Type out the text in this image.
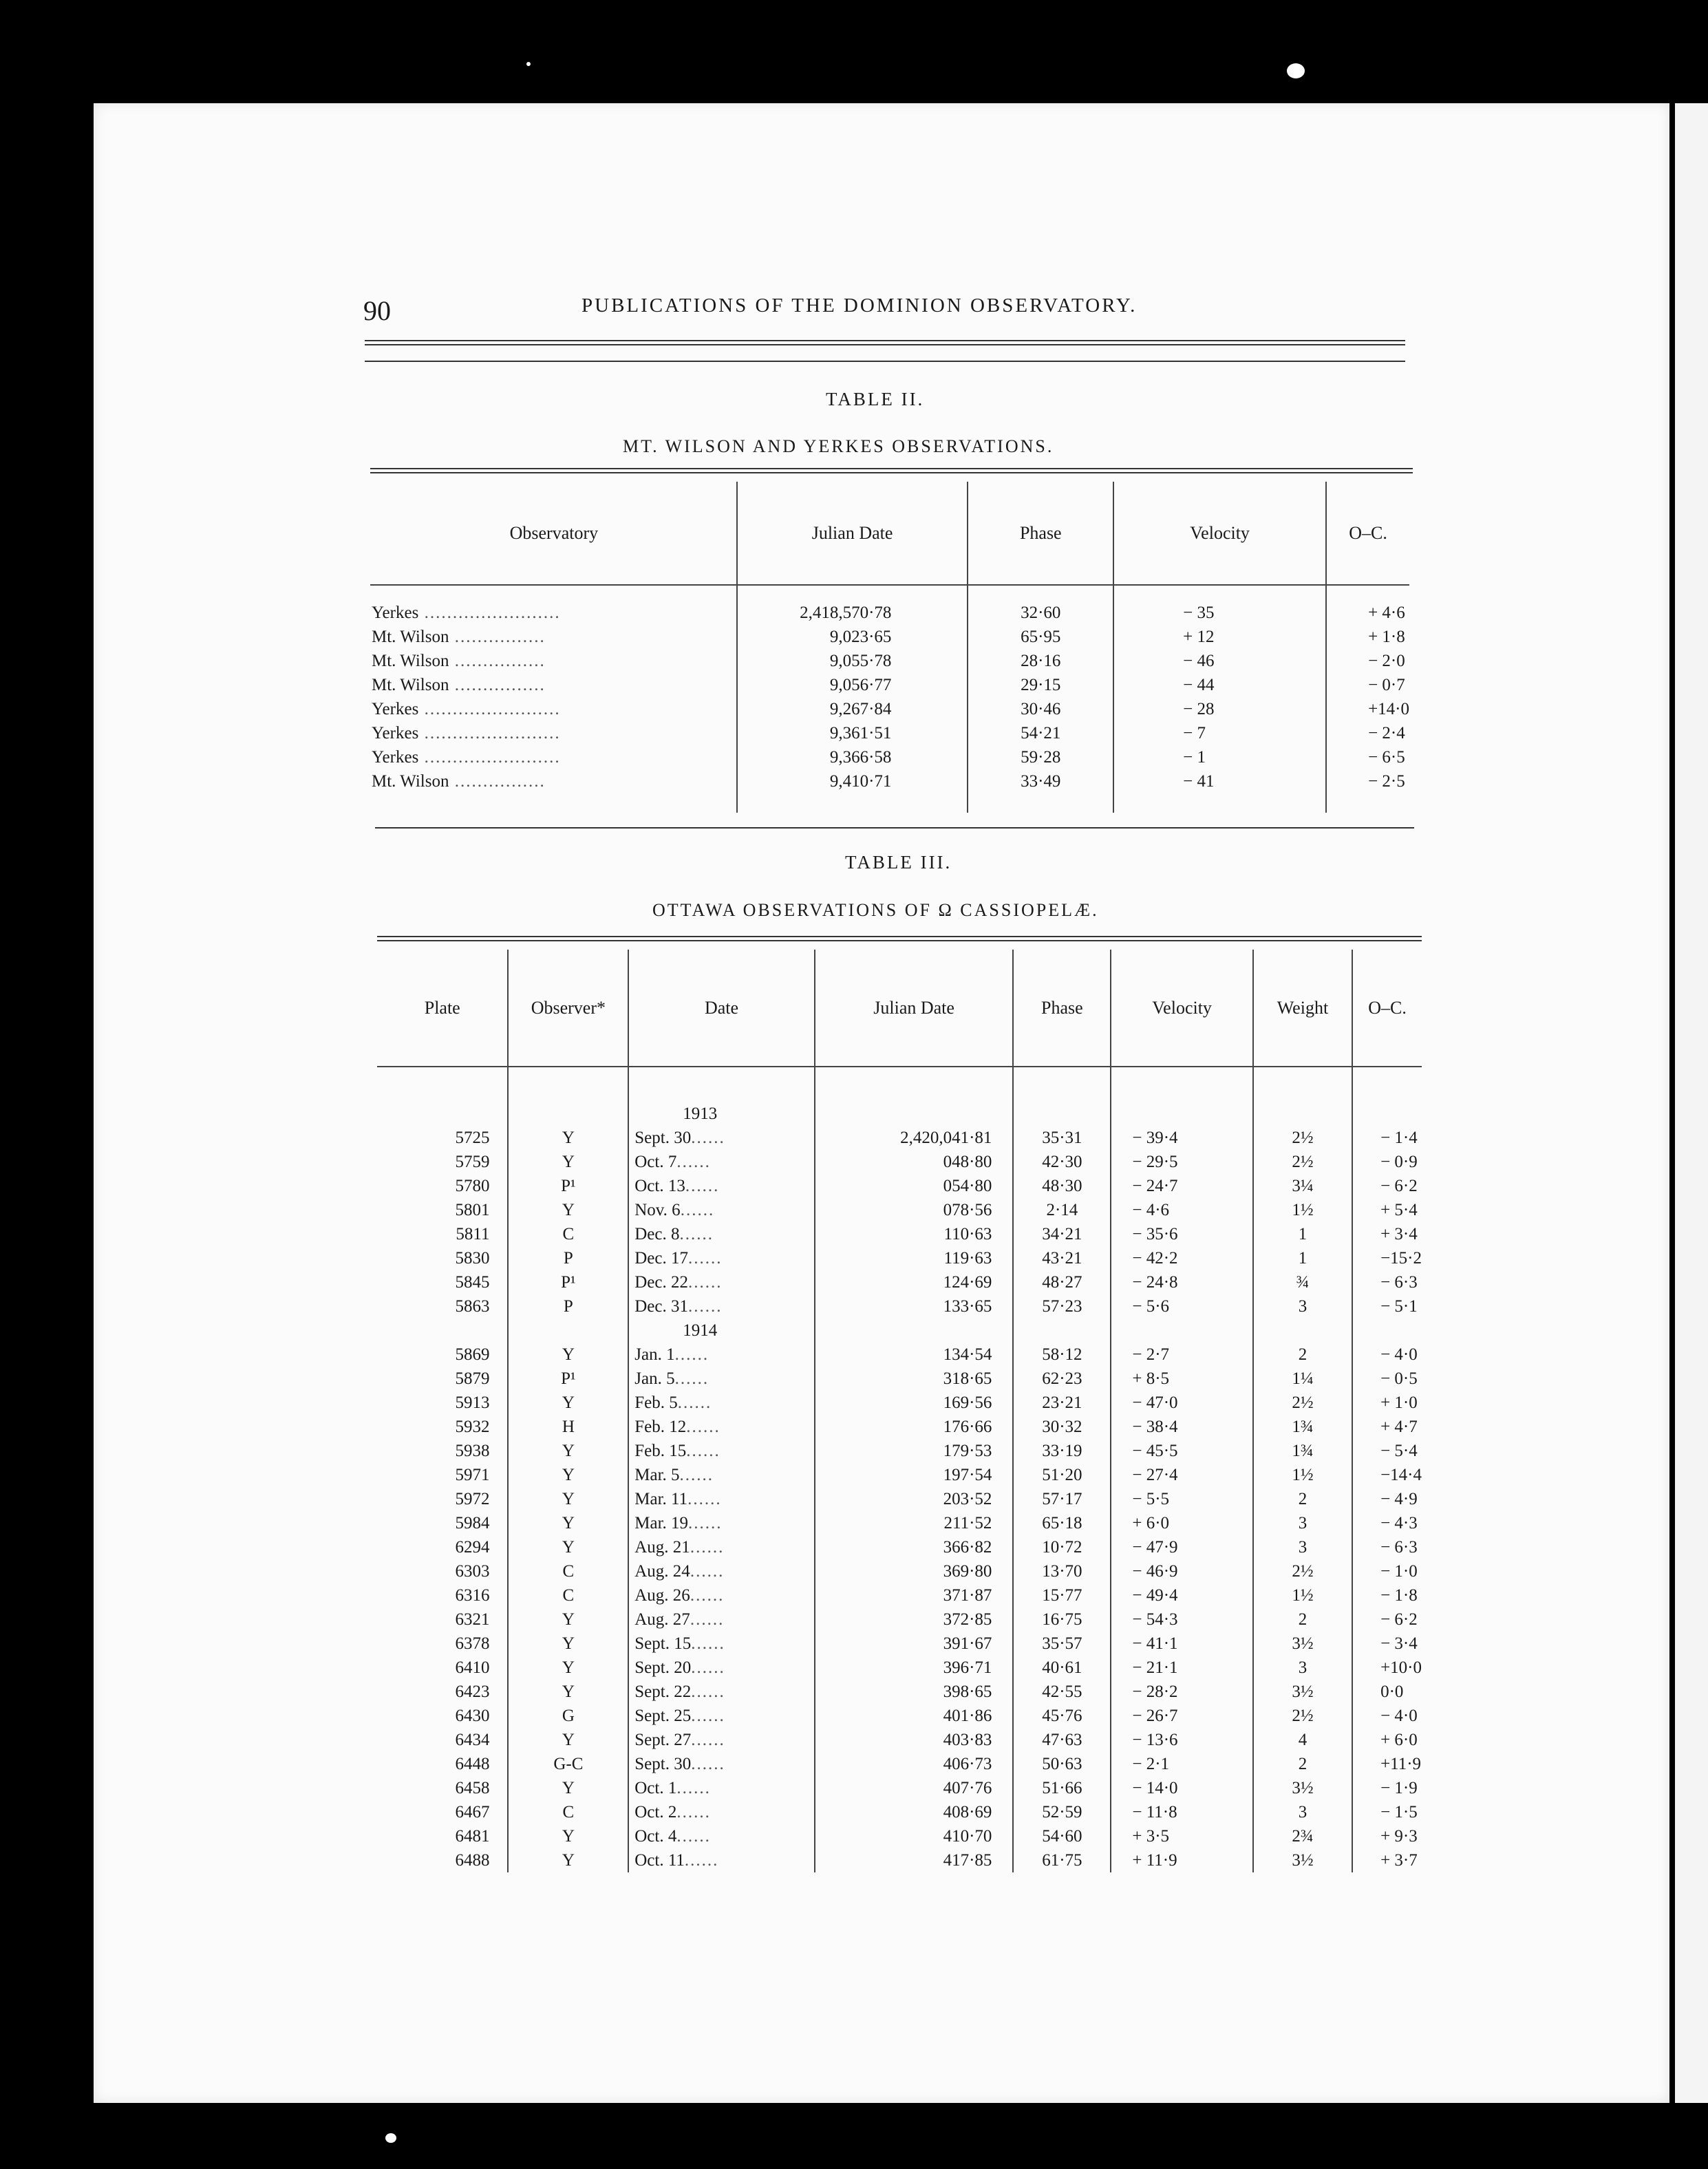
90	PUBLICATIONS OF THE DOMINION OBSERVATORY.
TABLE II.
MT. WILSON AND YERKES OBSERVATIONS.
Observatory	Julian Date	Phase	Velocity	O–C.
Yerkes ........................	2,418,570·78	32·60	− 35	+ 4·6
Mt. Wilson ................	9,023·65	65·95	+ 12	+ 1·8
Mt. Wilson ................	9,055·78	28·16	− 46	− 2·0
Mt. Wilson ................	9,056·77	29·15	− 44	− 0·7
Yerkes ........................	9,267·84	30·46	− 28	+14·0
Yerkes ........................	9,361·51	54·21	− 7	− 2·4
Yerkes ........................	9,366·58	59·28	− 1	− 6·5
Mt. Wilson ................	9,410·71	33·49	− 41	− 2·5
TABLE III.
OTTAWA OBSERVATIONS OF Ω CASSIOPELÆ.
Plate	Observer*	Date	Julian Date	Phase	Velocity	Weight	O–C.
		1913					
5725	Y	Sept. 30......	2,420,041·81	35·31	− 39·4	2½	− 1·4
5759	Y	Oct. 7......	048·80	42·30	− 29·5	2½	− 0·9
5780	P¹	Oct. 13......	054·80	48·30	− 24·7	3¼	− 6·2
5801	Y	Nov. 6......	078·56	2·14	− 4·6	1½	+ 5·4
5811	C	Dec. 8......	110·63	34·21	− 35·6	1	+ 3·4
5830	P	Dec. 17......	119·63	43·21	− 42·2	1	−15·2
5845	P¹	Dec. 22......	124·69	48·27	− 24·8	¾	− 6·3
5863	P	Dec. 31......	133·65	57·23	− 5·6	3	− 5·1
		1914					
5869	Y	Jan. 1......	134·54	58·12	− 2·7	2	− 4·0
5879	P¹	Jan. 5......	318·65	62·23	+ 8·5	1¼	− 0·5
5913	Y	Feb. 5......	169·56	23·21	− 47·0	2½	+ 1·0
5932	H	Feb. 12......	176·66	30·32	− 38·4	1¾	+ 4·7
5938	Y	Feb. 15......	179·53	33·19	− 45·5	1¾	− 5·4
5971	Y	Mar. 5......	197·54	51·20	− 27·4	1½	−14·4
5972	Y	Mar. 11......	203·52	57·17	− 5·5	2	− 4·9
5984	Y	Mar. 19......	211·52	65·18	+ 6·0	3	− 4·3
6294	Y	Aug. 21......	366·82	10·72	− 47·9	3	− 6·3
6303	C	Aug. 24......	369·80	13·70	− 46·9	2½	− 1·0
6316	C	Aug. 26......	371·87	15·77	− 49·4	1½	− 1·8
6321	Y	Aug. 27......	372·85	16·75	− 54·3	2	− 6·2
6378	Y	Sept. 15......	391·67	35·57	− 41·1	3½	− 3·4
6410	Y	Sept. 20......	396·71	40·61	− 21·1	3	+10·0
6423	Y	Sept. 22......	398·65	42·55	− 28·2	3½	0·0
6430	G	Sept. 25......	401·86	45·76	− 26·7	2½	− 4·0
6434	Y	Sept. 27......	403·83	47·63	− 13·6	4	+ 6·0
6448	G-C	Sept. 30......	406·73	50·63	− 2·1	2	+11·9
6458	Y	Oct. 1......	407·76	51·66	− 14·0	3½	− 1·9
6467	C	Oct. 2......	408·69	52·59	− 11·8	3	− 1·5
6481	Y	Oct. 4......	410·70	54·60	+ 3·5	2¾	+ 9·3
6488	Y	Oct. 11......	417·85	61·75	+ 11·9	3½	+ 3·7
